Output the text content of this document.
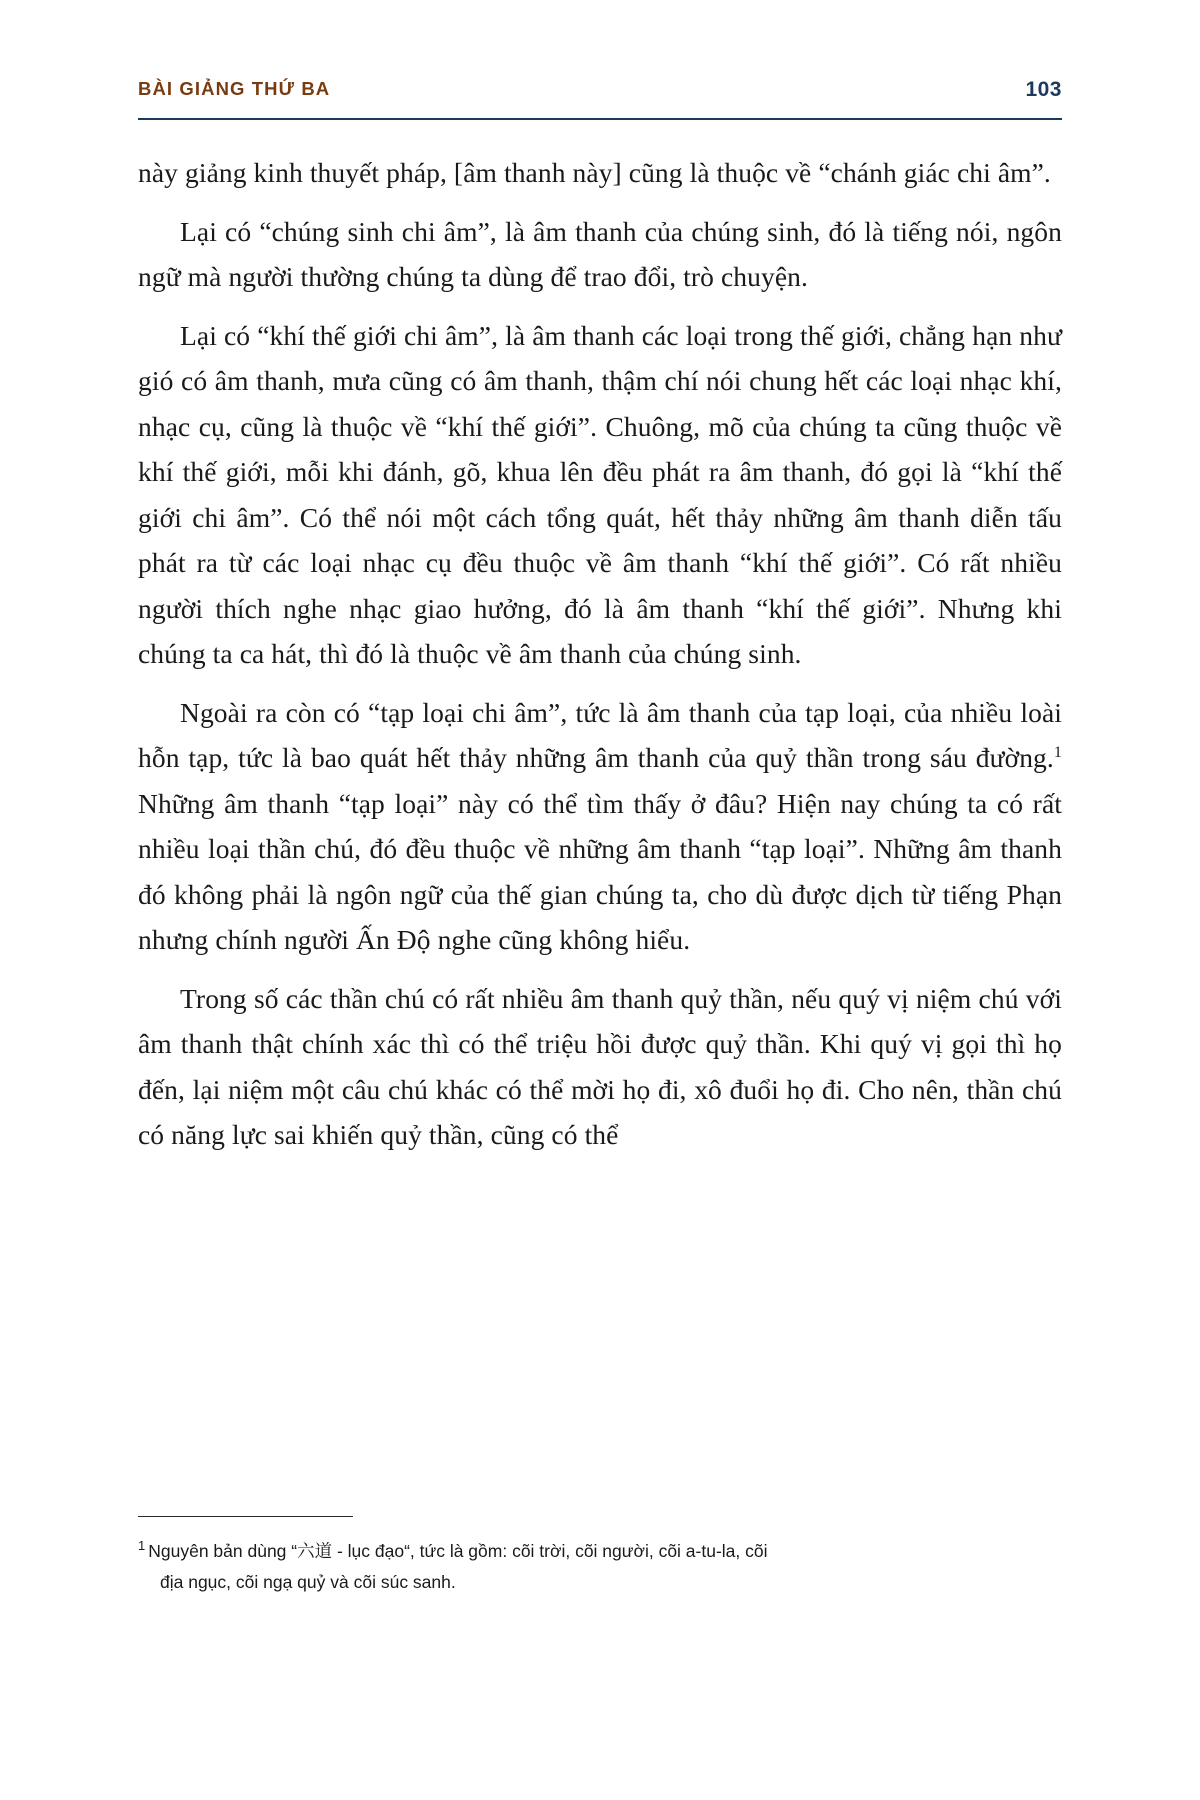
BÀI GIẢNG THỨ BA	103

này giảng kinh thuyết pháp, [âm thanh này] cũng là thuộc về “chánh giác chi âm”.

Lại có “chúng sinh chi âm”, là âm thanh của chúng sinh, đó là tiếng nói, ngôn ngữ mà người thường chúng ta dùng để trao đổi, trò chuyện.

Lại có “khí thế giới chi âm”, là âm thanh các loại trong thế giới, chẳng hạn như gió có âm thanh, mưa cũng có âm thanh, thậm chí nói chung hết các loại nhạc khí, nhạc cụ, cũng là thuộc về “khí thế giới”. Chuông, mõ của chúng ta cũng thuộc về khí thế giới, mỗi khi đánh, gõ, khua lên đều phát ra âm thanh, đó gọi là “khí thế giới chi âm”. Có thể nói một cách tổng quát, hết thảy những âm thanh diễn tấu phát ra từ các loại nhạc cụ đều thuộc về âm thanh “khí thế giới”. Có rất nhiều người thích nghe nhạc giao hưởng, đó là âm thanh “khí thế giới”. Nhưng khi chúng ta ca hát, thì đó là thuộc về âm thanh của chúng sinh.

Ngoài ra còn có “tạp loại chi âm”, tức là âm thanh của tạp loại, của nhiều loài hỗn tạp, tức là bao quát hết thảy những âm thanh của quỷ thần trong sáu đường.$^1$ Những âm thanh “tạp loại” này có thể tìm thấy ở đâu? Hiện nay chúng ta có rất nhiều loại thần chú, đó đều thuộc về những âm thanh “tạp loại”. Những âm thanh đó không phải là ngôn ngữ của thế gian chúng ta, cho dù được dịch từ tiếng Phạn nhưng chính người Ấn Độ nghe cũng không hiểu.

Trong số các thần chú có rất nhiều âm thanh quỷ thần, nếu quý vị niệm chú với âm thanh thật chính xác thì có thể triệu hồi được quỷ thần. Khi quý vị gọi thì họ đến, lại niệm một câu chú khác có thể mời họ đi, xô đuổi họ đi. Cho nên, thần chú có năng lực sai khiến quỷ thần, cũng có thể

$^1$ Nguyên bản dùng “六道 - lục đạo“, tức là gồm: cõi trời, cõi người, cõi a-tu-la, cõi
địa ngục, cõi ngạ quỷ và cõi súc sanh.
